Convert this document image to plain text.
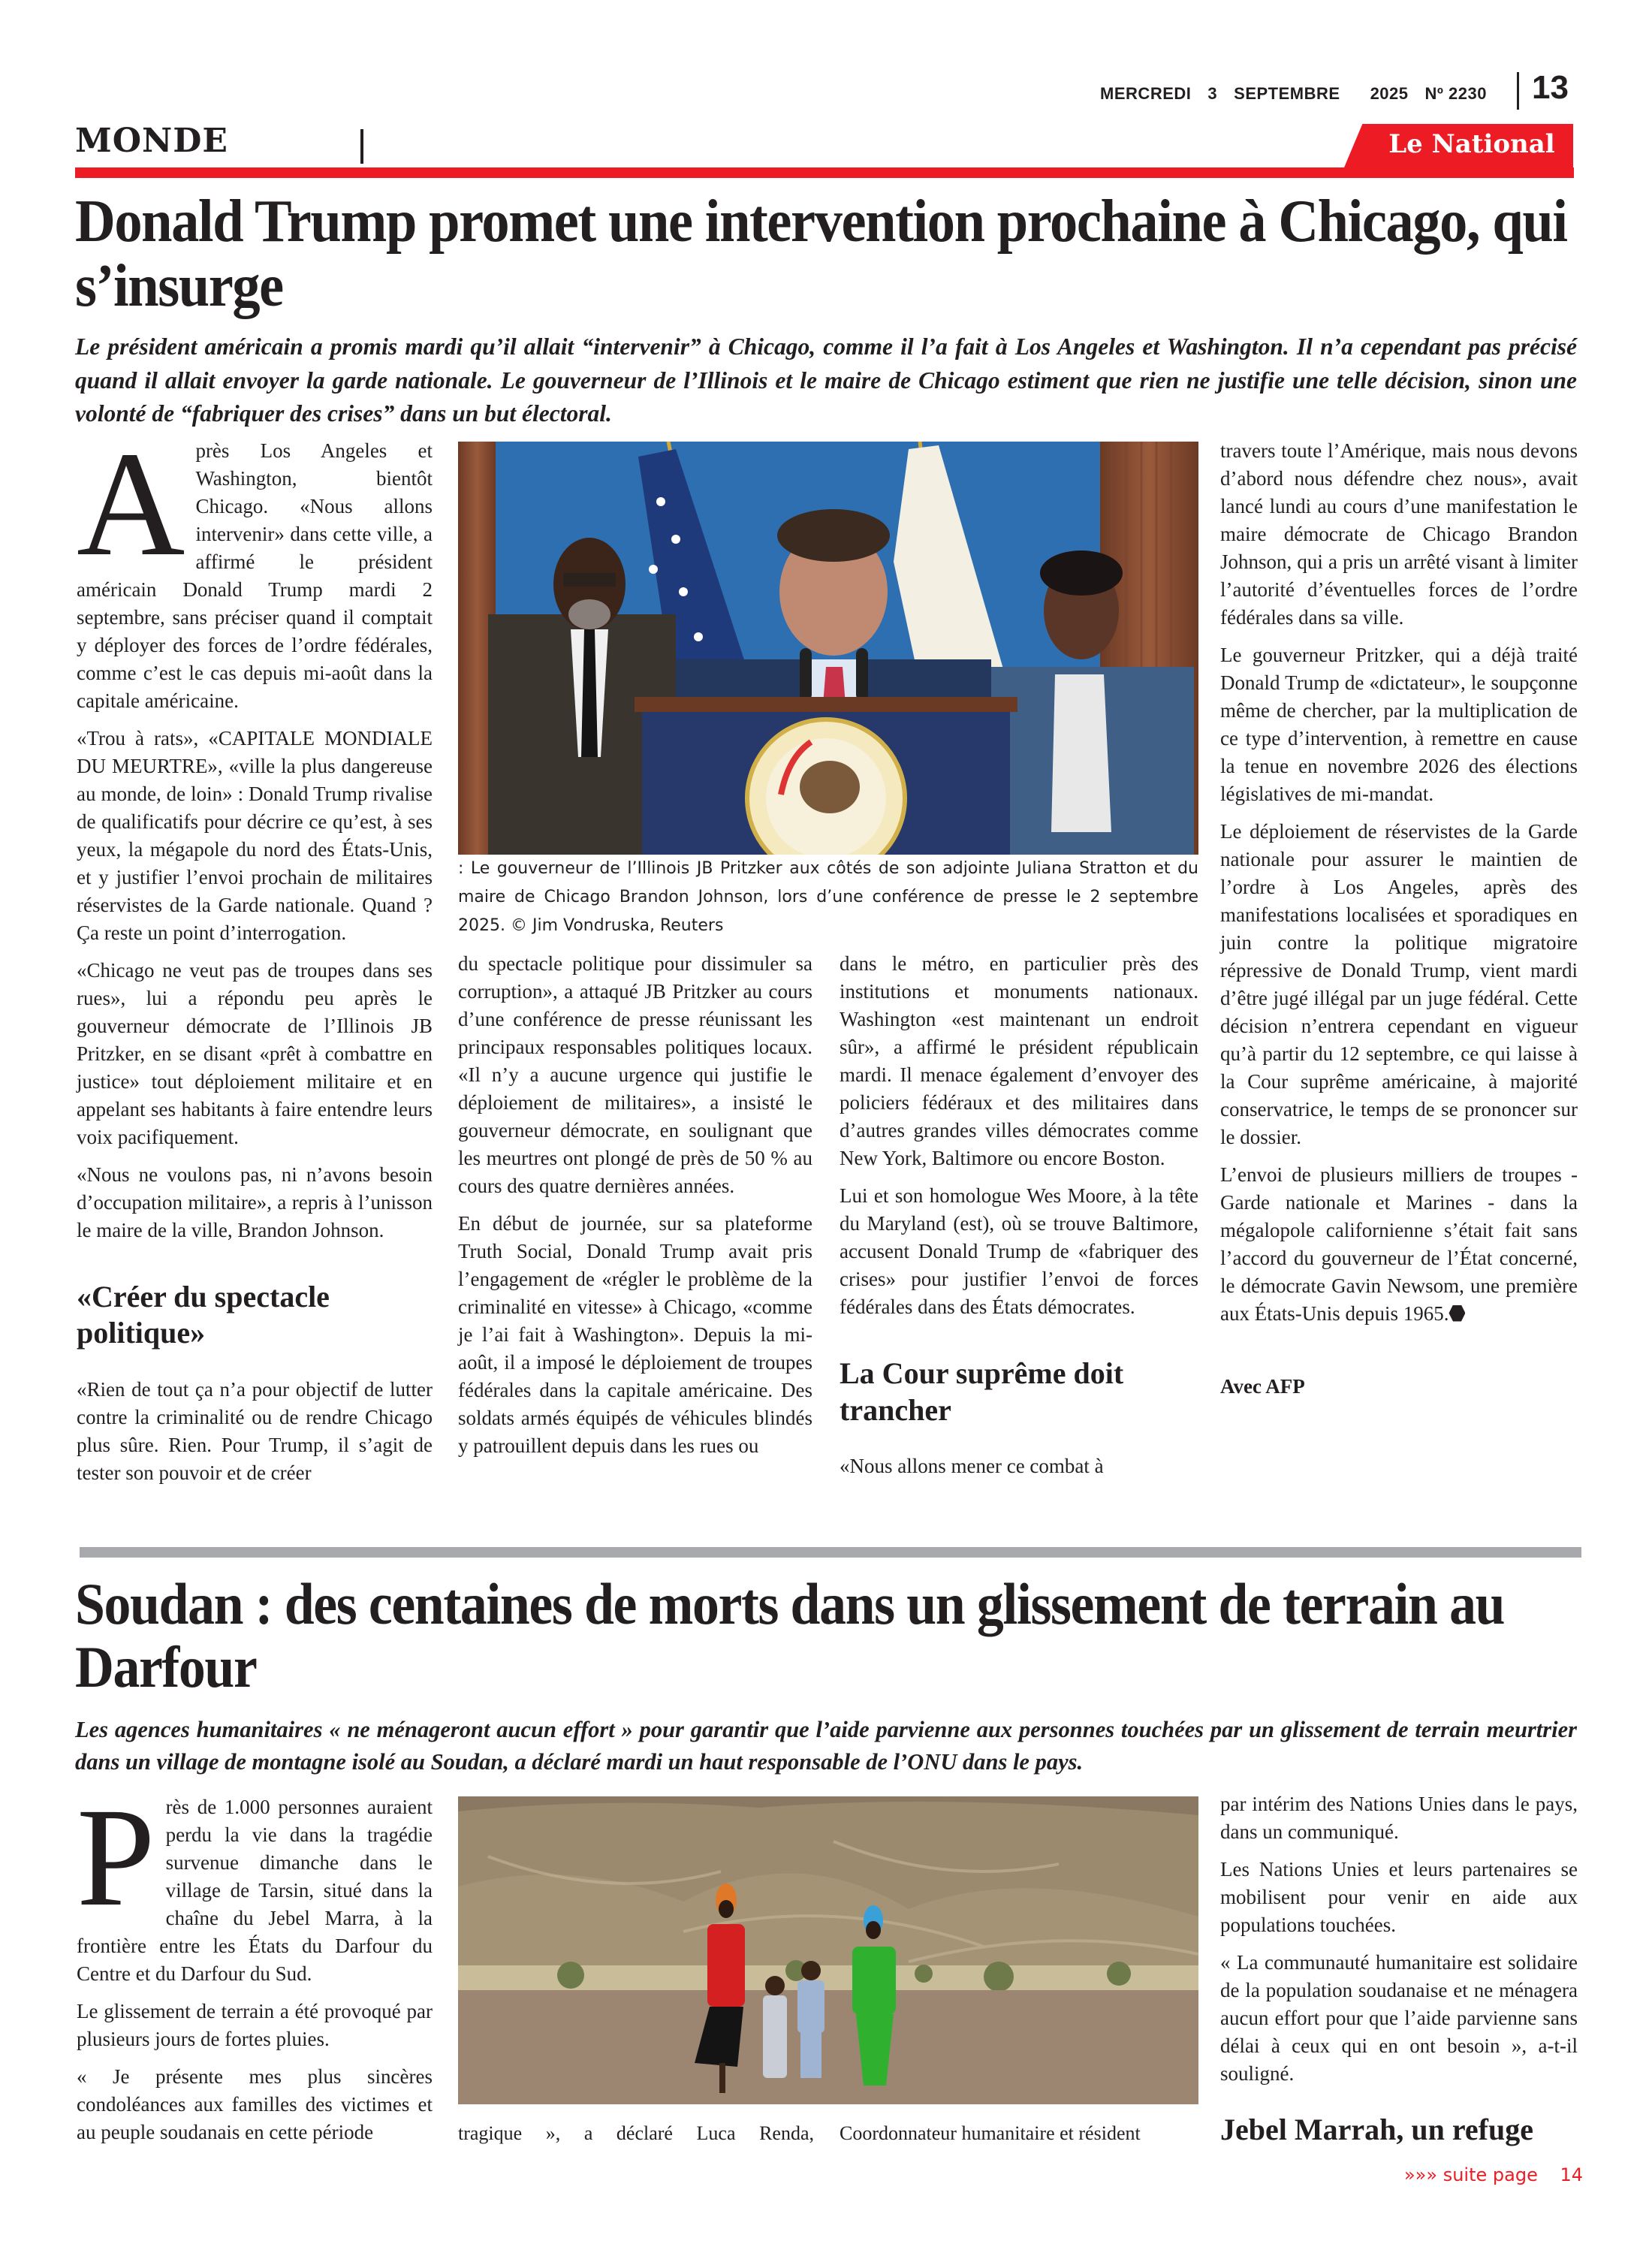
MERCREDI 3 SEPTEMBRE 2025 Nº 2230 13
MONDE	Le National
Donald Trump promet une intervention prochaine à Chicago, qui s’insurge

Le président américain a promis mardi qu’il allait “intervenir” à Chicago, comme il l’a fait à Los Angeles et Washington. Il n’a cependant pas précisé quand il allait envoyer la garde nationale. Le gouverneur de l’Illinois et le maire de Chicago estiment que rien ne justifie une telle décision, sinon une volonté de “fabriquer des crises” dans un but électoral.

A près Los Angeles et Washington, bientôt Chicago. «Nous allons intervenir» dans cette ville, a affirmé le président américain Donald Trump mardi 2 septembre, sans préciser quand il comptait y déployer des forces de l’ordre fédérales, comme c’est le cas depuis mi-août dans la capitale américaine.

«Trou à rats», «CAPITALE MONDIALE DU MEURTRE», «ville la plus dangereuse au monde, de loin» : Donald Trump rivalise de qualificatifs pour décrire ce qu’est, à ses yeux, la mégapole du nord des États-Unis, et y justifier l’envoi prochain de militaires réservistes de la Garde nationale. Quand ? Ça reste un point d’interrogation.

«Chicago ne veut pas de troupes dans ses rues», lui a répondu peu après le gouverneur démocrate de l’Illinois JB Pritzker, en se disant «prêt à combattre en justice» tout déploiement militaire et en appelant ses habitants à faire entendre leurs voix pacifiquement.

«Nous ne voulons pas, ni n’avons besoin d’occupation militaire», a repris à l’unisson le maire de la ville, Brandon Johnson.

«Créer du spectacle politique»

«Rien de tout ça n’a pour objectif de lutter contre la criminalité ou de rendre Chicago plus sûre. Rien. Pour Trump, il s’agit de tester son pouvoir et de créer

: Le gouverneur de l’Illinois JB Pritzker aux côtés de son adjointe Juliana Stratton et du maire de Chicago Brandon Johnson, lors d’une conférence de presse le 2 septembre 2025. © Jim Vondruska, Reuters

du spectacle politique pour dissimuler sa corruption», a attaqué JB Pritzker au cours d’une conférence de presse réunissant les principaux responsables politiques locaux. «Il n’y a aucune urgence qui justifie le déploiement de militaires», a insisté le gouverneur démocrate, en soulignant que les meurtres ont plongé de près de 50 % au cours des quatre dernières années.

En début de journée, sur sa plateforme Truth Social, Donald Trump avait pris l’engagement de «régler le problème de la criminalité en vitesse» à Chicago, «comme je l’ai fait à Washington». Depuis la mi-août, il a imposé le déploiement de troupes fédérales dans la capitale américaine. Des soldats armés équipés de véhicules blindés y patrouillent depuis dans les rues ou

dans le métro, en particulier près des institutions et monuments nationaux. Washington «est maintenant un endroit sûr», a affirmé le président républicain mardi. Il menace également d’envoyer des policiers fédéraux et des militaires dans d’autres grandes villes démocrates comme New York, Baltimore ou encore Boston.

Lui et son homologue Wes Moore, à la tête du Maryland (est), où se trouve Baltimore, accusent Donald Trump de «fabriquer des crises» pour justifier l’envoi de forces fédérales dans des États démocrates.

La Cour suprême doit trancher

«Nous allons mener ce combat à

travers toute l’Amérique, mais nous devons d’abord nous défendre chez nous», avait lancé lundi au cours d’une manifestation le maire démocrate de Chicago Brandon Johnson, qui a pris un arrêté visant à limiter l’autorité d’éventuelles forces de l’ordre fédérales dans sa ville.

Le gouverneur Pritzker, qui a déjà traité Donald Trump de «dictateur», le soupçonne même de chercher, par la multiplication de ce type d’intervention, à remettre en cause la tenue en novembre 2026 des élections législatives de mi-mandat.

Le déploiement de réservistes de la Garde nationale pour assurer le maintien de l’ordre à Los Angeles, après des manifestations localisées et sporadiques en juin contre la politique migratoire répressive de Donald Trump, vient mardi d’être jugé illégal par un juge fédéral. Cette décision n’entrera cependant en vigueur qu’à partir du 12 septembre, ce qui laisse à la Cour suprême américaine, à majorité conservatrice, le temps de se prononcer sur le dossier.

L’envoi de plusieurs milliers de troupes - Garde nationale et Marines - dans la mégalopole californienne s’était fait sans l’accord du gouverneur de l’État concerné, le démocrate Gavin Newsom, une première aux États-Unis depuis 1965.

Avec AFP
Soudan : des centaines de morts dans un glissement de terrain au Darfour

Les agences humanitaires « ne ménageront aucun effort » pour garantir que l’aide parvienne aux personnes touchées par un glissement de terrain meurtrier dans un village de montagne isolé au Soudan, a déclaré mardi un haut responsable de l’ONU dans le pays.

P rès de 1.000 personnes auraient perdu la vie dans la tragédie survenue dimanche dans le village de Tarsin, situé dans la chaîne du Jebel Marra, à la frontière entre les États du Darfour du Centre et du Darfour du Sud.

Le glissement de terrain a été provoqué par plusieurs jours de fortes pluies.

« Je présente mes plus sincères condoléances aux familles des victimes et au peuple soudanais en cette période	tragique », a déclaré Luca Renda, Coordonnateur humanitaire et résident

par intérim des Nations Unies dans le pays, dans un communiqué.

Les Nations Unies et leurs partenaires se mobilisent pour venir en aide aux populations touchées.

« La communauté humanitaire est solidaire de la population soudanaise et ne ménagera aucun effort pour que l’aide parvienne sans délai à ceux qui en ont besoin », a-t-il souligné.

Jebel Marrah, un refuge
»»» suite page 14
